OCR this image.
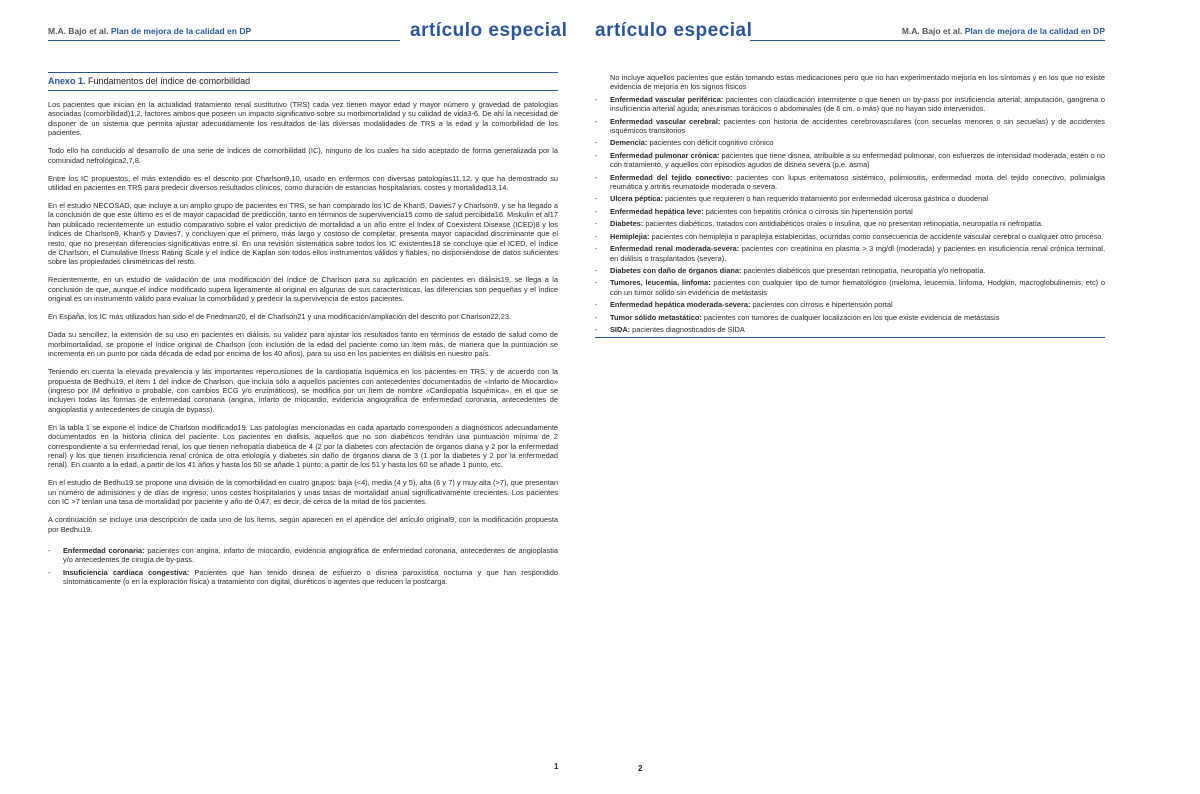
M.A. Bajo et al. Plan de mejora de la calidad en DP	artículo especial
Anexo 1. Fundamentos del índice de comorbilidad

Los pacientes que inician en la actualidad tratamiento renal sustitutivo (TRS) cada vez tienen mayor edad y mayor número y gravedad de patologías asociadas (comorbilidad)1,2, factores ambos que poseen un impacto significativo sobre su morbimortalidad y su calidad de vida3-6. De ahí la necesidad de disponer de un sistema que permita ajustar adecuadamente los resultados de las diversas modalidades de TRS a la edad y la comorbilidad de los pacientes.

Todo ello ha conducido al desarrollo de una serie de índices de comorbilidad (IC), ninguno de los cuales ha sido aceptado de forma generalizada por la comunidad nefrológica2,7,8.

Entre los IC propuestos, el más extendido es el descrito por Charlson9,10, usado en enfermos con diversas patologías11,12, y que ha demostrado su utilidad en pacientes en TRS para predecir diversos resultados clínicos, como duración de estancias hospitalarias, costes y mortalidad13,14.

En el estudio NECOSAD, que incluye a un amplio grupo de pacientes en TRS, se han comparado los IC de Khan5, Davies7 y Charlson9, y se ha llegado a la conclusión de que este último es el de mayor capacidad de predicción, tanto en términos de supervivencia15 como de salud percibida16. Miskulin et al17 han publicado recientemente un estudio comparativo sobre el valor predictivo de mortalidad a un año entre el Index of Coexistent Disease (ICED)8 y los índices de Charlson9, Khan5 y Davies7, y concluyen que el primero, más largo y costoso de completar, presenta mayor capacidad discriminante que el resto, que no presentan diferencias significativas entre sí. En una revisión sistemática sobre todos los IC existentes18 se concluye que el ICED, el índice de Charlson, el Cumulative Ilness Rating Scale y el índice de Kaplan son todos ellos instrumentos válidos y fiables, no disponiéndose de datos suficientes sobre las propiedades clinimétricas del resto.

Recientemente, en un estudio de validación de una modificación del índice de Charlson para su aplicación en pacientes en diálisis19, se llega a la conclusión de que, aunque el índice modificado supera ligeramente al original en algunas de sus características, las diferencias son pequeñas y el índice original es un instrumento válido para evaluar la comorbilidad y predecir la supervivencia de estos pacientes.

En España, los IC más utilizados han sido el de Friedman20, el de Charlson21 y una modificación/ampliación del descrito por Charlson22,23.

Dada su sencillez, la extensión de su uso en pacientes en diálisis, su validez para ajustar los resultados tanto en términos de estado de salud como de morbimortalidad, se propone el índice original de Charlson (con inclusión de la edad del paciente como un ítem más, de manera que la puntuación se incrementa en un punto por cada década de edad por encima de los 40 años), para su uso en los pacientes en diálisis en nuestro país.

Teniendo en cuenta la elevada prevalencia y las importantes repercusiones de la cardiopatía isquémica en los pacientes en TRS, y de acuerdo con la propuesta de Bedhu19, el ítem 1 del índice de Charlson, que incluía sólo a aquellos pacientes con antecedentes documentados de «Infarto de Miocardio» (ingreso por IM definitivo o probable, con cambios ECG y/o enzimáticos), se modifica por un ítem de nombre «Cardiopatía Isquémica», en el que se incluyen todas las formas de enfermedad coronaria (angina, infarto de miocardio, evidencia angiográfica de enfermedad coronaria, antecedentes de angioplastia y antecedentes de cirugía de bypass).

En la tabla 1 se expone el índice de Charlson modificado19. Las patologías mencionadas en cada apartado corresponden a diagnósticos adecuadamente documentados en la historia clínica del paciente. Los pacientes en diálisis, aquellos que no son diabéticos tendrán una puntuación mínima de 2 correspondiente a su enfermedad renal, los que tienen nefropatía diabética de 4 (2 por la diabetes con afectación de órganos diana y 2 por la enfermedad renal) y los que tienen insuficiencia renal crónica de otra etiología y diabetes sin daño de órganos diana de 3 (1 por la diabetes y 2 por la enfermedad renal). En cuanto a la edad, a partir de los 41 años y hasta los 50 se añade 1 punto; a partir de los 51 y hasta los 60 se añade 1 punto, etc.

En el estudio de Bedhu19 se propone una división de la comorbilidad en cuatro grupos: baja (<4), media (4 y 5), alta (6 y 7) y muy alta (>7), que presentan un número de admisiones y de días de ingreso, unos costes hospitalarios y unas tasas de mortalidad anual significativamente crecientes. Los pacientes con IC >7 tenían una tasa de mortalidad por paciente y año de 0,47, es decir, de cerca de la mitad de los pacientes.

A continuación se incluye una descripción de cada uno de los ítems, según aparecen en el apéndice del artículo original9, con la modificación propuesta por Bedhu19.

- Enfermedad coronaria: pacientes con angina, infarto de miocardio, evidencia angiográfica de enfermedad coronaria, antecedentes de angioplastia y/o antecedentes de cirugía de by-pass.
- Insuficiencia cardiaca congestiva: Pacientes que han tenido disnea de esfuerzo o disnea paroxística nocturna y que han respondido sintomáticamente (o en la exploración física) a tratamiento con digital, diuréticos o agentes que reducen la postcarga.
1
artículo especial	M.A. Bajo et al. Plan de mejora de la calidad en DP
No incluye aquellos pacientes que están tomando estas medicaciones pero que no han experimentado mejoría en los síntomas y en los que no existe evidencia de mejoría en los signos físicos
- Enfermedad vascular periférica: pacientes con claudicación intermitente o que tienen un by-pass por insuficiencia arterial; amputación, gangrena o insuficiencia arterial aguda; aneurismas torácicos o abdominales (de 6 cm. o más) que no hayan sido intervenidos.
- Enfermedad vascular cerebral: pacientes con historia de accidentes cerebrovasculares (con secuelas menores o sin secuelas) y de accidentes isquémicos transitorios
- Demencia: pacientes con déficit cognitivo crónico
- Enfermedad pulmonar crónica: pacientes que tiene disnea, atribuible a su enfermedad pulmonar, con esfuerzos de intensidad moderada, estén o no con tratamiento, y aquellos con episodios agudos de disnea severa (p.e. asma)
- Enfermedad del tejido conectivo: pacientes con lupus eritematoso sistémico, polimiositis, enfermedad mixta del tejido conectivo, polimialgia reumática y artritis reumatoide moderada o severa.
- Ulcera péptica: pacientes que requieren o han requerido tratamiento por enfermedad ulcerosa gástrica o duodenal
- Enfermedad hepática leve: pacientes con hepatitis crónica o cirrosis sin hipertensión portal
- Diabetes: pacientes diabéticos, tratados con antidiabéticos orales o insulina, que no presentan retinopatía, neuropatía ni nefropatía.
- Hemiplejia: pacientes con hemiplejia o paraplejia establecidas, ocurridas como consecuencia de accidente vascular cerebral o cualquier otro proceso.
- Enfermedad renal moderada-severa: pacientes con creatinina en plasma > 3 mg/dl (moderada) y pacientes en insuficiencia renal crónica terminal, en diálisis o trasplantados (severa).
- Diabetes con daño de órganos diana: pacientes diabéticos que presentan retinopatía, neuropatía y/o nefropatía.
- Tumores, leucemia, linfoma: pacientes con cualquier tipo de tumor hematológico (mieloma, leucemia, linfoma, Hodgkin, macroglobulinemis, etc) o con un tumor sólido sin evidencia de metástasis
- Enfermedad hepática moderada-severa: pacientes con cirrosis e hipertensión portal
- Tumor sólido metastático: pacientes con tumores de cualquier localización en los que existe evidencia de metástasis
- SIDA: pacientes diagnosticados de SIDA
2
